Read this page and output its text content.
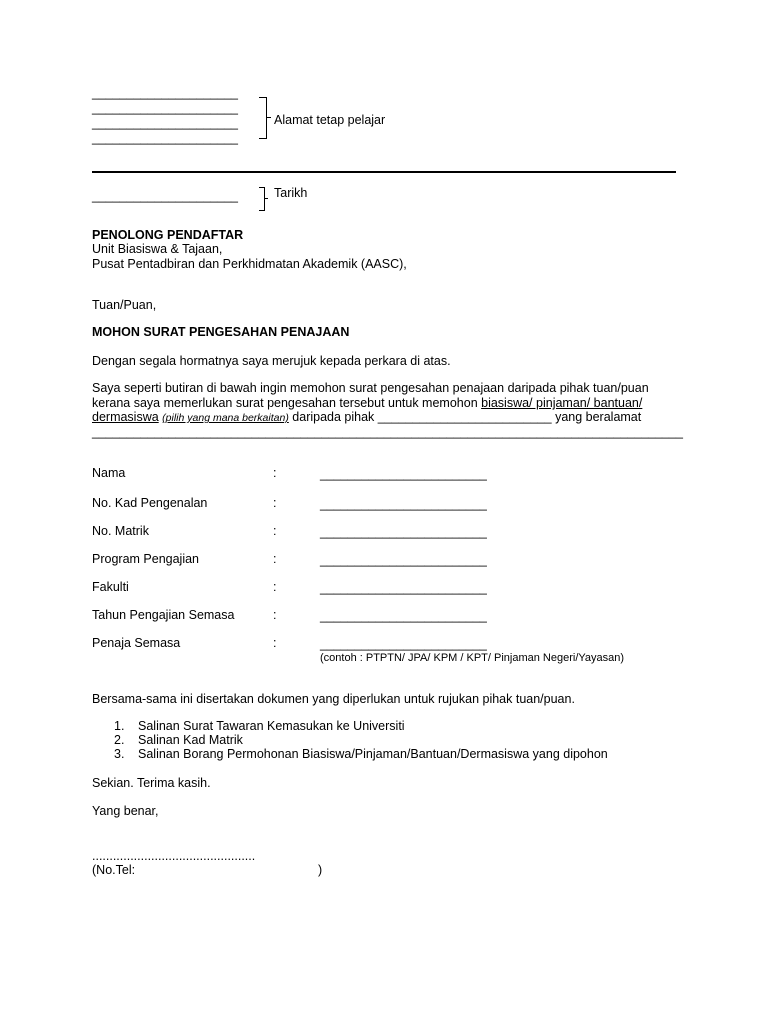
_____________________
_____________________
_____________________
_____________________
Alamat tetap pelajar
_____________________	Tarikh
PENOLONG PENDAFTAR
Unit Biasiswa & Tajaan,
Pusat Pentadbiran dan Perkhidmatan Akademik (AASC),
Tuan/Puan,
MOHON SURAT PENGESAHAN PENAJAAN
Dengan segala hormatnya saya merujuk kepada perkara di atas.
Saya seperti butiran di bawah ingin memohon surat pengesahan penajaan daripada pihak tuan/puan
kerana saya memerlukan surat pengesahan tersebut untuk memohon biasiswa/ pinjaman/ bantuan/
dermasiswa (pilih yang mana berkaitan) daripada pihak _________________________ yang beralamat
_____________________________________________________________________________________
Nama	:	________________________
No. Kad Pengenalan	:	________________________
No. Matrik	:	________________________
Program Pengajian	:	________________________
Fakulti	:	________________________
Tahun Pengajian Semasa	:	________________________
Penaja Semasa	:	________________________
(contoh : PTPTN/ JPA/ KPM / KPT/ Pinjaman Negeri/Yayasan)
Bersama-sama ini disertakan dokumen yang diperlukan untuk rujukan pihak tuan/puan.
1. Salinan Surat Tawaran Kemasukan ke Universiti
2. Salinan Kad Matrik
3. Salinan Borang Permohonan Biasiswa/Pinjaman/Bantuan/Dermasiswa yang dipohon
Sekian. Terima kasih.
Yang benar,
...............................................
(No.Tel:	)
